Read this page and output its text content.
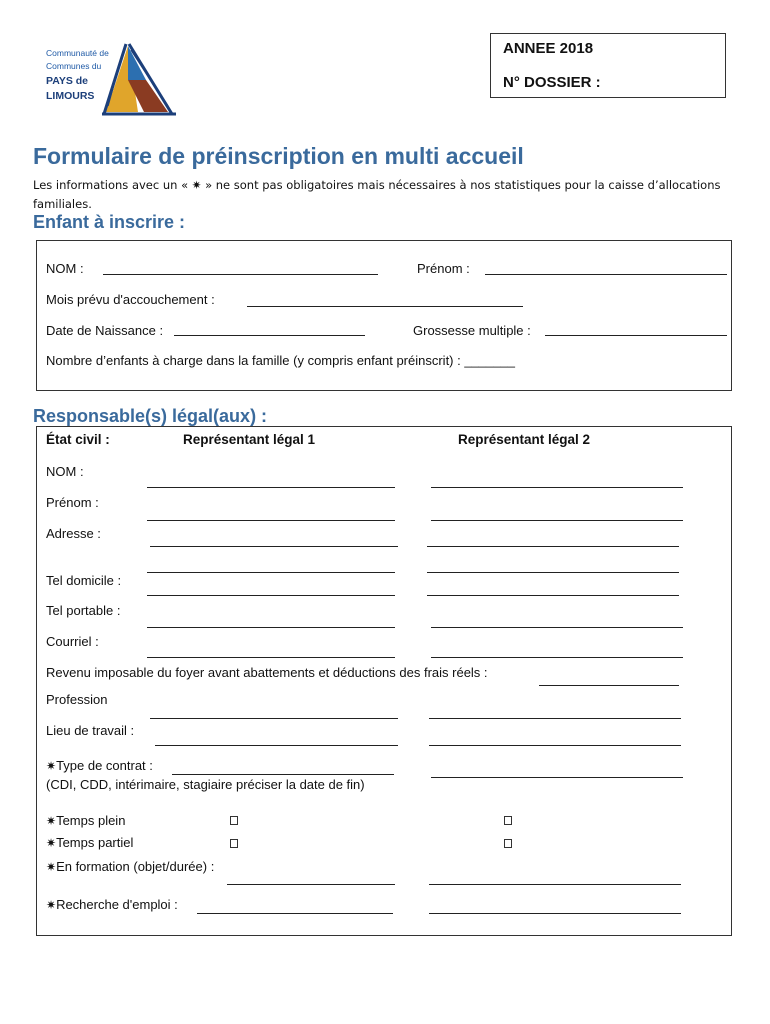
Communauté de
Communes du
PAYS de
LIMOURS
ANNEE 2018
N° DOSSIER :
Formulaire de préinscription en multi accueil
Les informations avec un « ✷ » ne sont pas obligatoires mais nécessaires à nos statistiques pour la caisse d’allocations familiales.
Enfant à inscrire :
NOM :	Prénom :
Mois prévu d'accouchement :
Date de Naissance :	Grossesse multiple :
Nombre d’enfants à charge dans la famille (y compris enfant préinscrit) : _______
Responsable(s) légal(aux) :
État civil :	Représentant légal 1	Représentant légal 2
NOM :
Prénom :
Adresse :
Tel domicile :
Tel portable :
Courriel :
Revenu imposable du foyer avant abattements et déductions des frais réels :
Profession
Lieu de travail :
✷Type de contrat :
(CDI, CDD, intérimaire, stagiaire préciser la date de fin)
✷Temps plein
✷Temps partiel
✷En formation (objet/durée) :
✷Recherche d'emploi :
